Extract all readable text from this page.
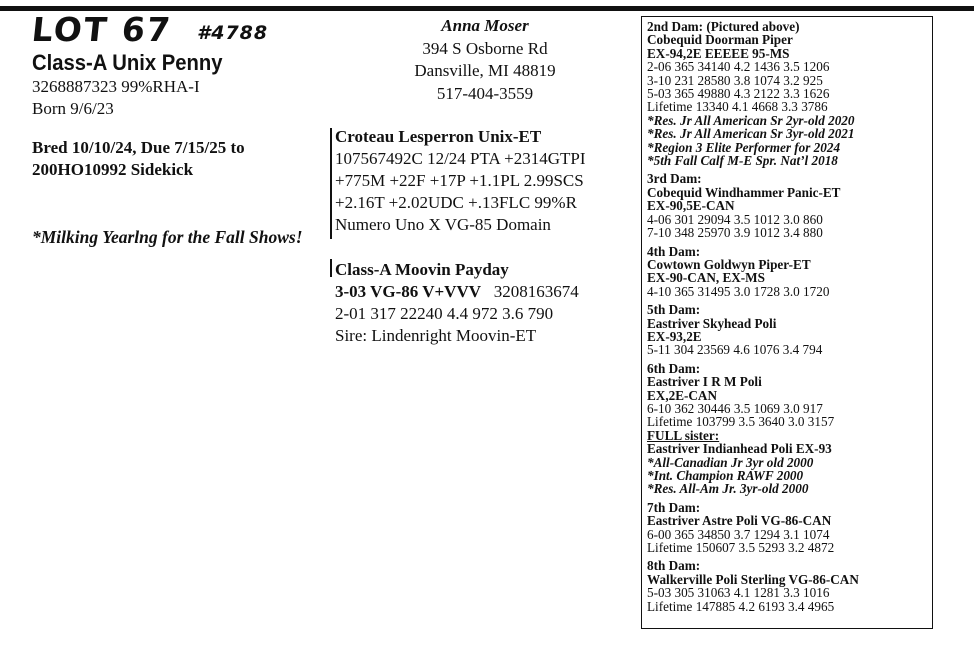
LOT 67 #4788
Class-A Unix Penny
3268887323 99%RHA-I
Born 9/6/23
Bred 10/10/24, Due 7/15/25 to
200HO10992 Sidekick
*Milking Yearlng for the Fall Shows!
Anna Moser
394 S Osborne Rd
Dansville, MI 48819
517-404-3559
Croteau Lesperron Unix-ET
107567492C 12/24 PTA +2314GTPI
+775M +22F +17P +1.1PL 2.99SCS
+2.16T +2.02UDC +.13FLC 99%R
Numero Uno X VG-85 Domain
Class-A Moovin Payday
3-03 VG-86 V+VVV 3208163674
2-01 317 22240 4.4 972 3.6 790
Sire: Lindenright Moovin-ET
2nd Dam: (Pictured above)
Cobequid Doorman Piper
EX-94,2E EEEEE 95-MS
2-06 365 34140 4.2 1436 3.5 1206
3-10 231 28580 3.8 1074 3.2 925
5-03 365 49880 4.3 2122 3.3 1626
Lifetime 13340 4.1 4668 3.3 3786
*Res. Jr All American Sr 2yr-old 2020
*Res. Jr All American Sr 3yr-old 2021
*Region 3 Elite Performer for 2024
*5th Fall Calf M-E Spr. Nat’l 2018
3rd Dam:
Cobequid Windhammer Panic-ET
EX-90,5E-CAN
4-06 301 29094 3.5 1012 3.0 860
7-10 348 25970 3.9 1012 3.4 880
4th Dam:
Cowtown Goldwyn Piper-ET
EX-90-CAN, EX-MS
4-10 365 31495 3.0 1728 3.0 1720
5th Dam:
Eastriver Skyhead Poli
EX-93,2E
5-11 304 23569 4.6 1076 3.4 794
6th Dam:
Eastriver I R M Poli
EX,2E-CAN
6-10 362 30446 3.5 1069 3.0 917
Lifetime 103799 3.5 3640 3.0 3157
FULL sister:
Eastriver Indianhead Poli EX-93
*All-Canadian Jr 3yr old 2000
*Int. Champion RAWF 2000
*Res. All-Am Jr. 3yr-old 2000
7th Dam:
Eastriver Astre Poli VG-86-CAN
6-00 365 34850 3.7 1294 3.1 1074
Lifetime 150607 3.5 5293 3.2 4872
8th Dam:
Walkerville Poli Sterling VG-86-CAN
5-03 305 31063 4.1 1281 3.3 1016
Lifetime 147885 4.2 6193 3.4 4965
